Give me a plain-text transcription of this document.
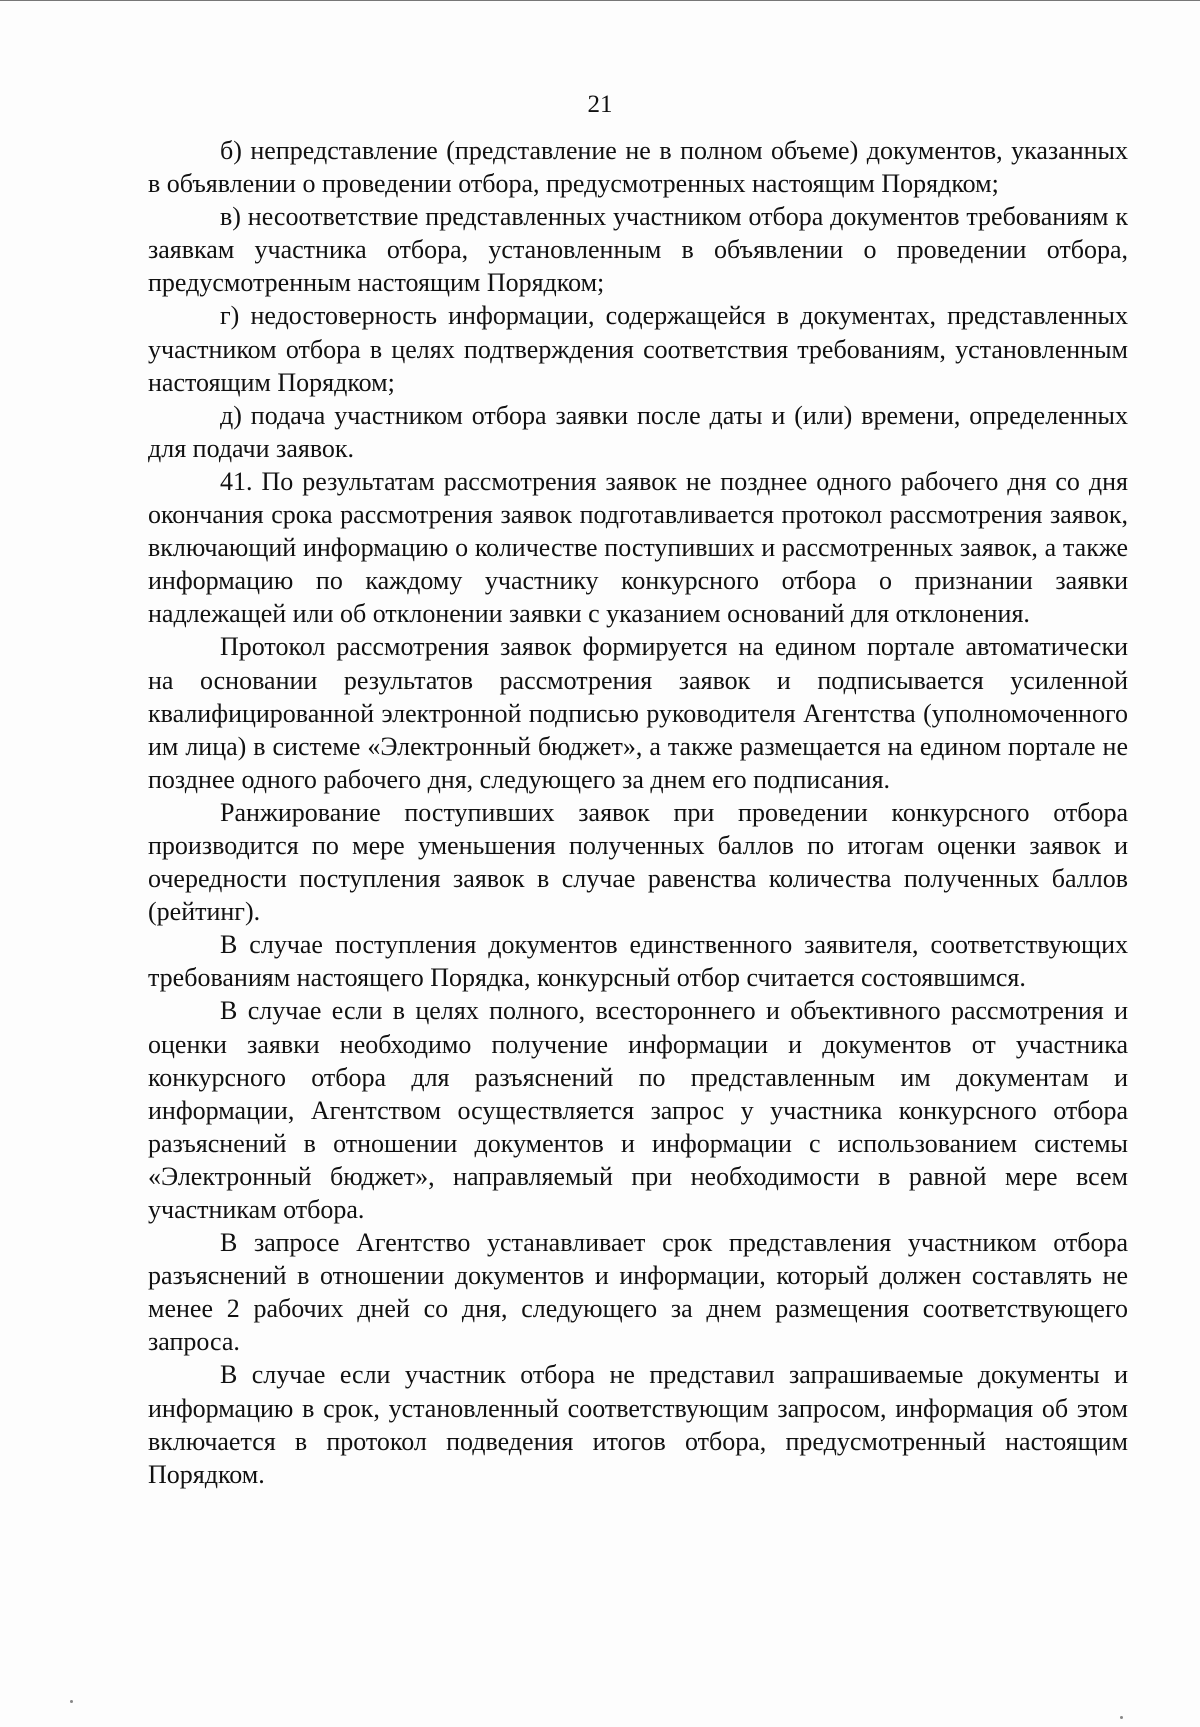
21

б) непредставление (представление не в полном объеме) документов, указанных в объявлении о проведении отбора, предусмотренных настоящим Порядком;

в) несоответствие представленных участником отбора документов требованиям к заявкам участника отбора, установленным в объявлении о проведении отбора, предусмотренным настоящим Порядком;

г) недостоверность информации, содержащейся в документах, представленных участником отбора в целях подтверждения соответствия требованиям, установленным настоящим Порядком;

д) подача участником отбора заявки после даты и (или) времени, определенных для подачи заявок.

41. По результатам рассмотрения заявок не позднее одного рабочего дня со дня окончания срока рассмотрения заявок подготавливается протокол рассмотрения заявок, включающий информацию о количестве поступивших и рассмотренных заявок, а также информацию по каждому участнику конкурсного отбора о признании заявки надлежащей или об отклонении заявки с указанием оснований для отклонения.

Протокол рассмотрения заявок формируется на едином портале автоматически на основании результатов рассмотрения заявок и подписывается усиленной квалифицированной электронной подписью руководителя Агентства (уполномоченного им лица) в системе «Электронный бюджет», а также размещается на едином портале не позднее одного рабочего дня, следующего за днем его подписания.

Ранжирование поступивших заявок при проведении конкурсного отбора производится по мере уменьшения полученных баллов по итогам оценки заявок и очередности поступления заявок в случае равенства количества полученных баллов (рейтинг).

В случае поступления документов единственного заявителя, соответствующих требованиям настоящего Порядка, конкурсный отбор считается состоявшимся.

В случае если в целях полного, всестороннего и объективного рассмотрения и оценки заявки необходимо получение информации и документов от участника конкурсного отбора для разъяснений по представленным им документам и информации, Агентством осуществляется запрос у участника конкурсного отбора разъяснений в отношении документов и информации с использованием системы «Электронный бюджет», направляемый при необходимости в равной мере всем участникам отбора.

В запросе Агентство устанавливает срок представления участником отбора разъяснений в отношении документов и информации, который должен составлять не менее 2 рабочих дней со дня, следующего за днем размещения соответствующего запроса.

В случае если участник отбора не представил запрашиваемые документы и информацию в срок, установленный соответствующим запросом, информация об этом включается в протокол подведения итогов отбора, предусмотренный настоящим Порядком.
